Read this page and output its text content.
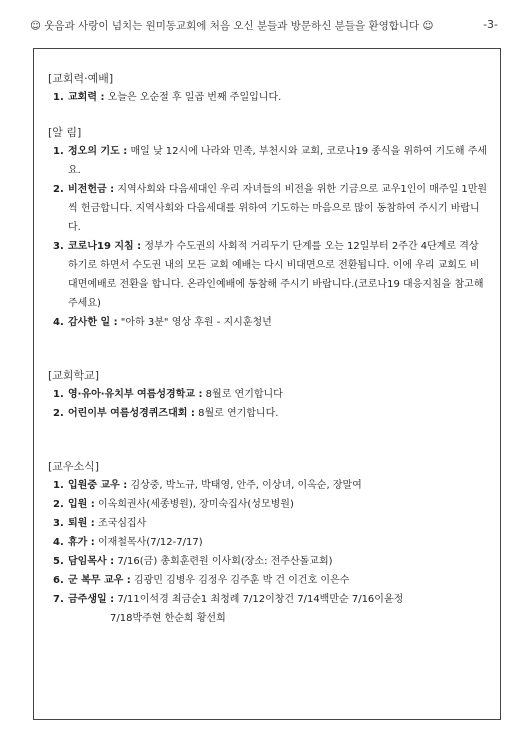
☺ 웃음과 사랑이 넘치는 원미동교회에 처음 오신 분들과 방문하신 분들을 환영합니다 ☺	-3-
[교회력·예배]
1. 교회력 : 오늘은 오순절 후 일곱 번째 주일입니다.
[알 림]
1. 정오의 기도 : 매일 낮 12시에 나라와 민족, 부천시와 교회, 코로나19 종식을 위하여 기도해 주세요.
2. 비전헌금 : 지역사회와 다음세대인 우리 자녀들의 비전을 위한 기금으로 교우1인이 매주일 1만원씩 헌금합니다. 지역사회와 다음세대를 위하여 기도하는 마음으로 많이 동참하여 주시기 바랍니다.
3. 코로나19 지침 : 정부가 수도권의 사회적 거리두기 단계를 오는 12일부터 2주간 4단계로 격상하기로 하면서 수도권 내의 모든 교회 예배는 다시 비대면으로 전환됩니다. 이에 우리 교회도 비대면예배로 전환을 합니다. 온라인예배에 동참해 주시기 바랍니다.(코로나19 대응지침을 참고해주세요)
4. 감사한 일 : "아하 3분" 영상 후원 - 지시훈청년
[교회학교]
1. 영·유아·유치부 여름성경학교 : 8월로 연기합니다
2. 어린이부 여름성경퀴즈대회 : 8월로 연기합니다.
[교우소식]
1. 입원중 교우 : 김상중, 박노규, 박태영, 안주, 이상녀, 이옥순, 장말여
2. 입원 : 이옥희권사(세종병원), 장미숙집사(성모병원)
3. 퇴원 : 조국심집사
4. 휴가 : 이재철목사(7/12-7/17)
5. 담임목사 : 7/16(금) 총회훈련원 이사회(장소: 전주산돌교회)
6. 군 복무 교우 : 김광민 김병우 김정우 김주훈 박 건 이건호 이은수
7. 금주생일 : 7/11이석경 최금순1 최청례 7/12이창건 7/14백만순 7/16이윤정
7/18박주현 한순희 황선희
